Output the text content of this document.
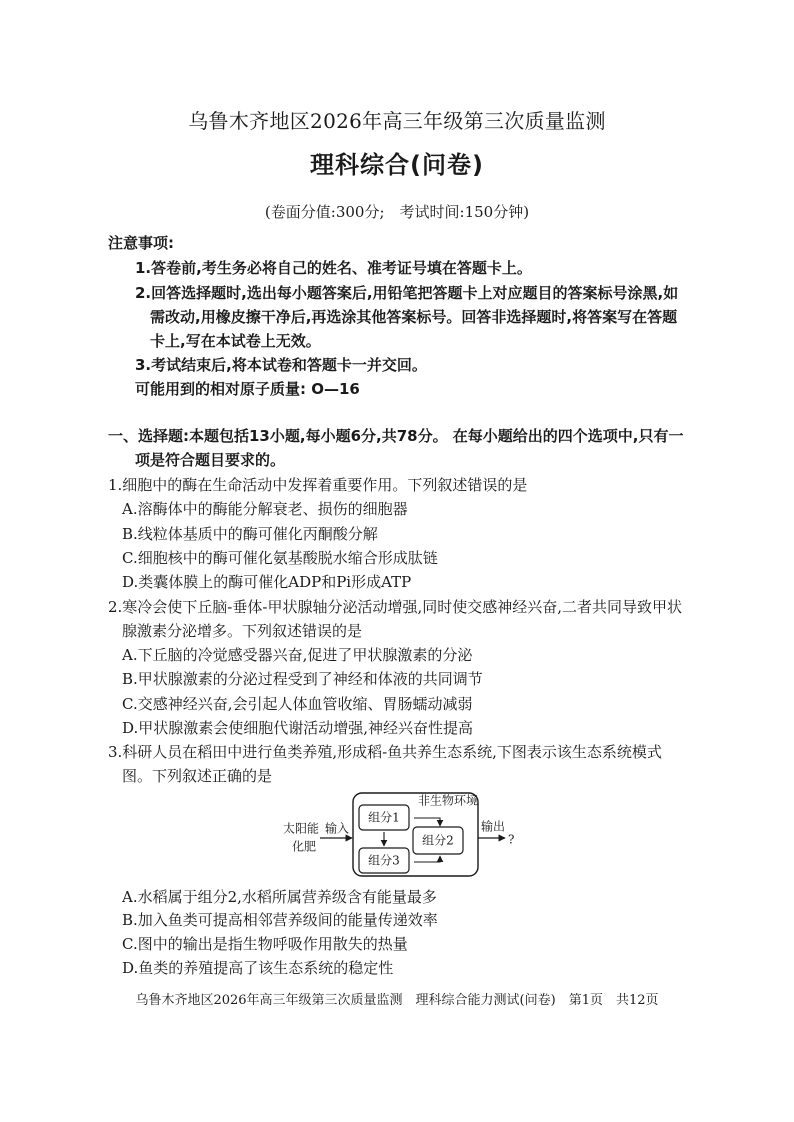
乌鲁木齐地区2026年高三年级第三次质量监测
理科综合(问卷)
(卷面分值:300分;　考试时间:150分钟)
注意事项:
1.答卷前,考生务必将自己的姓名、准考证号填在答题卡上。
2.回答选择题时,选出每小题答案后,用铅笔把答题卡上对应题目的答案标号涂黑,如
需改动,用橡皮擦干净后,再选涂其他答案标号。回答非选择题时,将答案写在答题
卡上,写在本试卷上无效。
3.考试结束后,将本试卷和答题卡一并交回。
可能用到的相对原子质量: O—16
一、选择题:本题包括13小题,每小题6分,共78分。 在每小题给出的四个选项中,只有一
项是符合题目要求的。
1.细胞中的酶在生命活动中发挥着重要作用。下列叙述错误的是
A.溶酶体中的酶能分解衰老、损伤的细胞器
B.线粒体基质中的酶可催化丙酮酸分解
C.细胞核中的酶可催化氨基酸脱水缩合形成肽链
D.类囊体膜上的酶可催化ADP和Pi形成ATP
2.寒冷会使下丘脑-垂体-甲状腺轴分泌活动增强,同时使交感神经兴奋,二者共同导致甲状
腺激素分泌增多。下列叙述错误的是
A.下丘脑的冷觉感受器兴奋,促进了甲状腺激素的分泌
B.甲状腺激素的分泌过程受到了神经和体液的共同调节
C.交感神经兴奋,会引起人体血管收缩、胃肠蠕动减弱
D.甲状腺激素会使细胞代谢活动增强,神经兴奋性提高
3.科研人员在稻田中进行鱼类养殖,形成稻-鱼共养生态系统,下图表示该生态系统模式
图。下列叙述正确的是
太阳能
化肥
输入
非生物环境
组分1
组分2
组分3
输出
?
A.水稻属于组分2,水稻所属营养级含有能量最多
B.加入鱼类可提高相邻营养级间的能量传递效率
C.图中的输出是指生物呼吸作用散失的热量
D.鱼类的养殖提高了该生态系统的稳定性
乌鲁木齐地区2026年高三年级第三次质量监测　理科综合能力测试(问卷)　第1页　共12页
